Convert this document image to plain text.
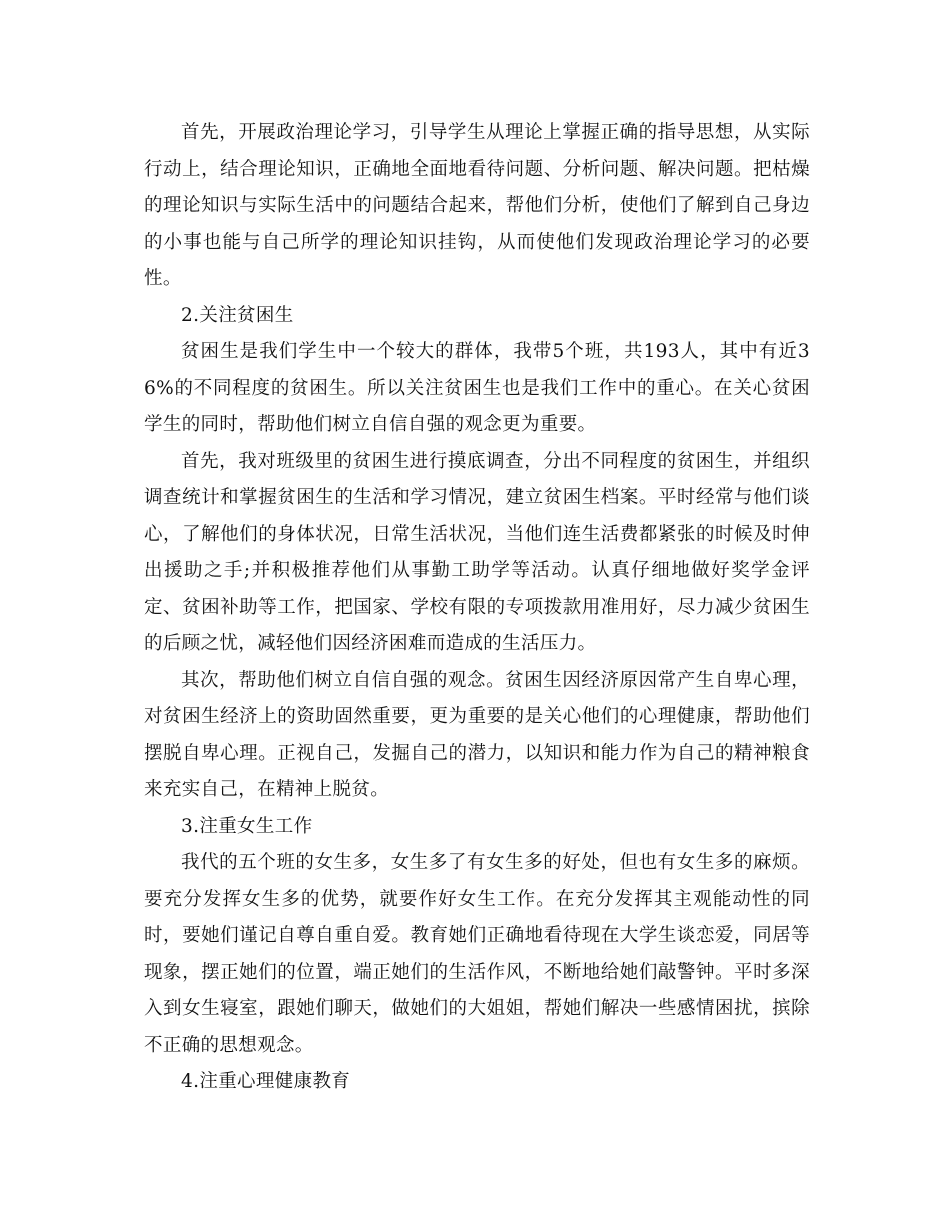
首先，开展政治理论学习，引导学生从理论上掌握正确的指导思想，从实际行动上，结合理论知识，正确地全面地看待问题、分析问题、解决问题。把枯燥的理论知识与实际生活中的问题结合起来，帮他们分析，使他们了解到自己身边的小事也能与自己所学的理论知识挂钩，从而使他们发现政治理论学习的必要性。

2.关注贫困生

贫困生是我们学生中一个较大的群体，我带5个班，共193人，其中有近36%的不同程度的贫困生。所以关注贫困生也是我们工作中的重心。在关心贫困学生的同时，帮助他们树立自信自强的观念更为重要。

首先，我对班级里的贫困生进行摸底调查，分出不同程度的贫困生，并组织调查统计和掌握贫困生的生活和学习情况，建立贫困生档案。平时经常与他们谈心，了解他们的身体状况，日常生活状况，当他们连生活费都紧张的时候及时伸出援助之手;并积极推荐他们从事勤工助学等活动。认真仔细地做好奖学金评定、贫困补助等工作，把国家、学校有限的专项拨款用准用好，尽力减少贫困生的后顾之忧，减轻他们因经济困难而造成的生活压力。

其次，帮助他们树立自信自强的观念。贫困生因经济原因常产生自卑心理，对贫困生经济上的资助固然重要，更为重要的是关心他们的心理健康，帮助他们摆脱自卑心理。正视自己，发掘自己的潜力，以知识和能力作为自己的精神粮食来充实自己，在精神上脱贫。

3.注重女生工作

我代的五个班的女生多，女生多了有女生多的好处，但也有女生多的麻烦。要充分发挥女生多的优势，就要作好女生工作。在充分发挥其主观能动性的同时，要她们谨记自尊自重自爱。教育她们正确地看待现在大学生谈恋爱，同居等现象，摆正她们的位置，端正她们的生活作风，不断地给她们敲警钟。平时多深入到女生寝室，跟她们聊天，做她们的大姐姐，帮她们解决一些感情困扰，摈除不正确的思想观念。

4.注重心理健康教育
